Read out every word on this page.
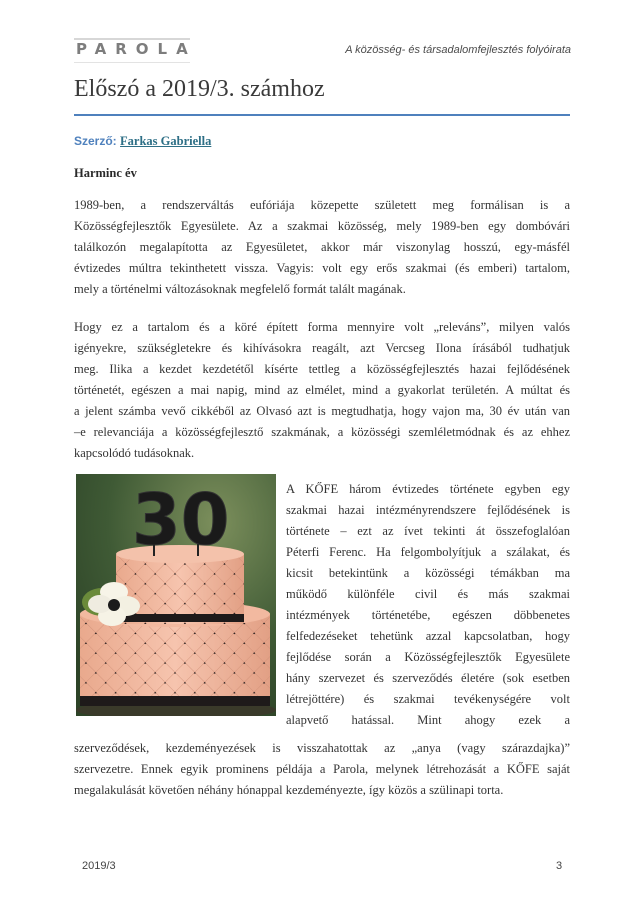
PAROLA	A közösség- és társadalomfejlesztés folyóirata
Előszó a 2019/3. számhoz
Szerző: Farkas Gabriella
Harminc év
1989-ben, a rendszerváltás eufóriája közepette született meg formálisan is a
Közösségfejlesztők Egyesülete. Az a szakmai közösség, mely 1989-ben egy dombóvári
találkozón megalapította az Egyesületet, akkor már viszonylag hosszú, egy-másfél
évtizedes múltra tekinthetett vissza. Vagyis: volt egy erős szakmai (és emberi) tartalom,
mely a történelmi változásoknak megfelelő formát talált magának.
Hogy ez a tartalom és a köré épített forma mennyire volt „releváns”, milyen valós
igényekre, szükségletekre és kihívásokra reagált, azt Vercseg Ilona írásából tudhatjuk
meg. Ilika a kezdet kezdetétől kísérte tettleg a közösségfejlesztés hazai fejlődésének
történetét, egészen a mai napig, mind az elmélet, mind a gyakorlat területén. A múltat és
a jelent számba vevő cikkéből az Olvasó azt is megtudhatja, hogy vajon ma, 30 év után van
–e relevanciája a közösségfejlesztő szakmának, a közösségi szemléletmódnak és az ehhez
kapcsolódó tudásoknak.
30	A KŐFE három évtizedes története egyben egy
szakmai hazai intézményrendszere fejlődésének is
története – ezt az ívet tekinti át összefoglalóan
Péterfi Ferenc. Ha felgombolyítjuk a szálakat, és
kicsit betekintünk a közösségi témákban ma
működő különféle civil és más szakmai
intézmények történetébe, egészen döbbenetes
felfedezéseket tehetünk azzal kapcsolatban, hogy
fejlődése során a Közösségfejlesztők Egyesülete
hány szervezet és szerveződés életére (sok esetben
létrejöttére) és szakmai tevékenységére volt
alapvető hatással. Mint ahogy ezek a
szerveződések, kezdeményezések is visszahatottak az „anya (vagy szárazdajka)”
szervezetre. Ennek egyik prominens példája a Parola, melynek létrehozását a KŐFE saját
megalakulását követően néhány hónappal kezdeményezte, így közös a szülinapi torta.
2019/3	3
